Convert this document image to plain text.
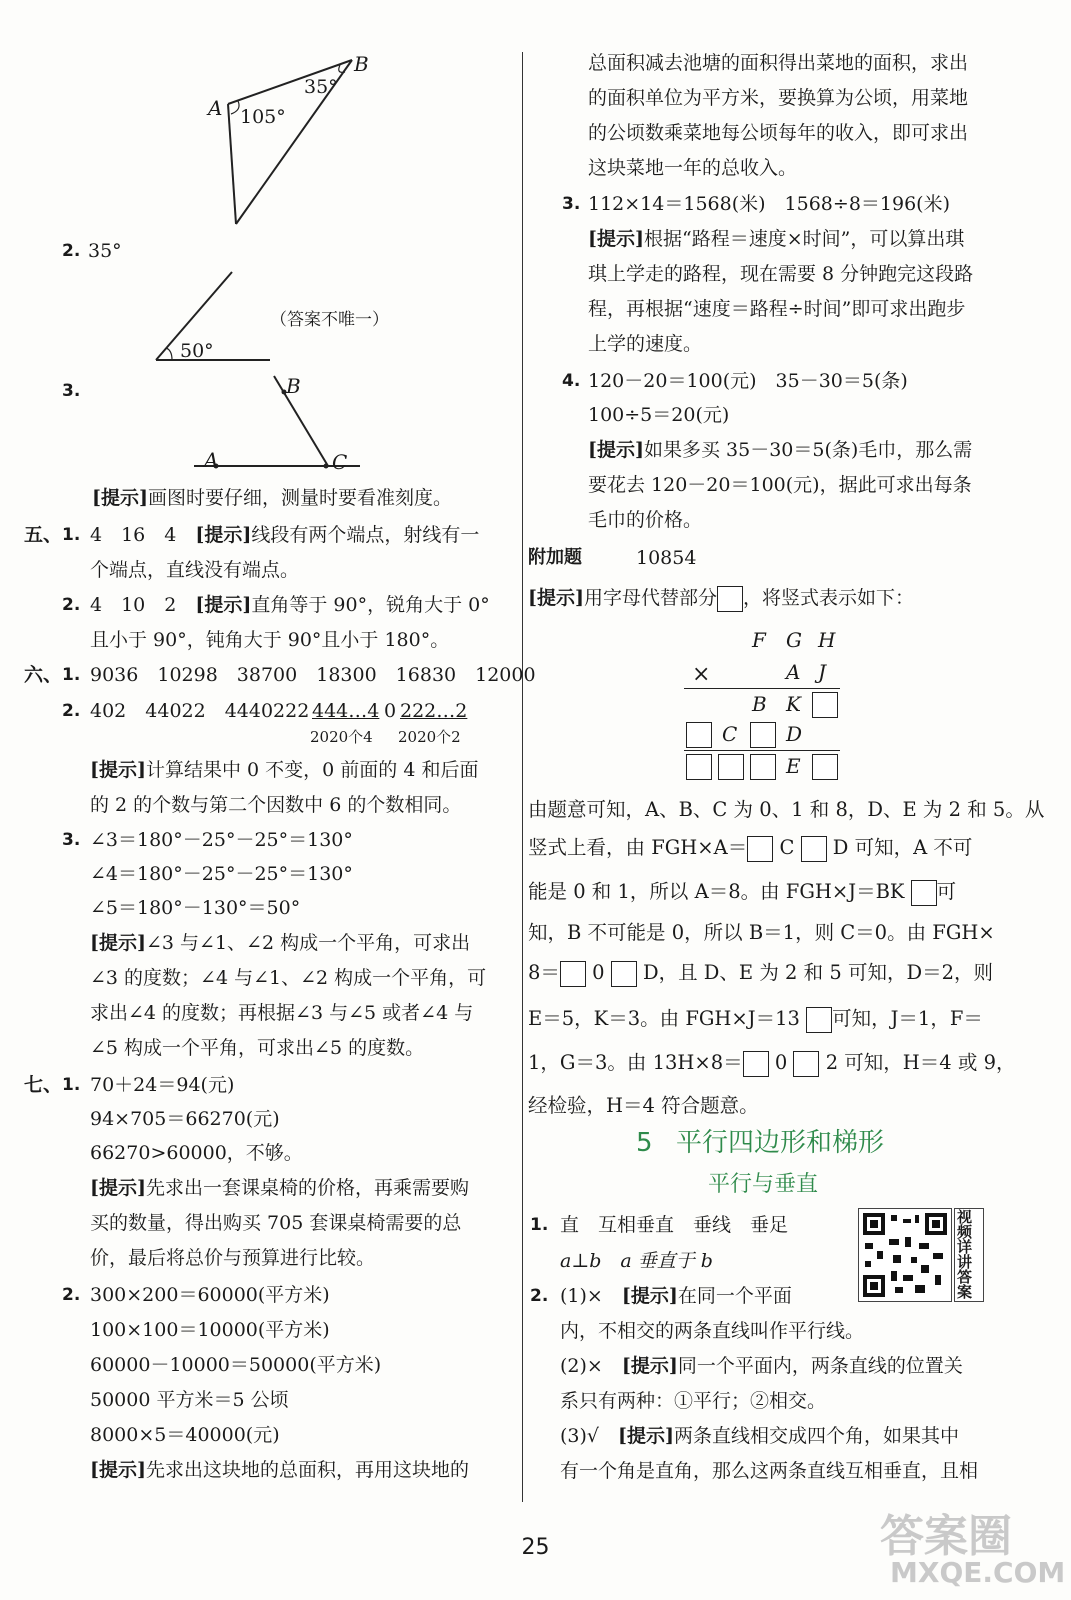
A
B
105°
35°
2. 35°
50°
（答案不唯一）
3.	B
A	C
[提示]画图时要仔细，测量时要看准刻度。
五、 1. 4　16　4　 [提示]线段有两个端点，射线有一
个端点，直线没有端点。
2. 4　10　2　 [提示]直角等于 90°，锐角大于 0°
且小于 90°，钝角大于 90°且小于 180°。
六、 1. 9036　10298　38700　18300　16830　12000
2. 402　44022　4440222 444…4 0 222…2
2020个4 2020个2
[提示]计算结果中 0 不变，0 前面的 4 和后面
的 2 的个数与第二个因数中 6 的个数相同。
3. ∠3＝180°－25°－25°＝130°
∠4＝180°－25°－25°＝130°
∠5＝180°－130°＝50°
[提示]∠3 与∠1、∠2 构成一个平角，可求出
∠3 的度数；∠4 与∠1、∠2 构成一个平角，可
求出∠4 的度数；再根据∠3 与∠5 或者∠4 与
∠5 构成一个平角，可求出∠5 的度数。
七、 1. 70＋24＝94(元)
94×705＝66270(元)
66270>60000，不够。
[提示]先求出一套课桌椅的价格，再乘需要购
买的数量，得出购买 705 套课桌椅需要的总
价，最后将总价与预算进行比较。
2. 300×200＝60000(平方米)
100×100＝10000(平方米)
60000－10000＝50000(平方米)
50000 平方米＝5 公顷
8000×5＝40000(元)
[提示]先求出这块地的总面积，再用这块地的
总面积减去池塘的面积得出菜地的面积，求出
的面积单位为平方米，要换算为公顷，用菜地
的公顷数乘菜地每公顷每年的收入，即可求出
这块菜地一年的总收入。
3. 112×14＝1568(米)　1568÷8＝196(米)
[提示]根据“路程＝速度×时间”，可以算出琪
琪上学走的路程，现在需要 8 分钟跑完这段路
程，再根据“速度＝路程÷时间”即可求出跑步
上学的速度。
4. 120－20＝100(元)　35－30＝5(条)
100÷5＝20(元)
[提示]如果多买 35－30＝5(条)毛巾，那么需
要花去 120－20＝100(元)，据此可求出每条
毛巾的价格。
附加题	10854
[提示]用字母代替部分 ，将竖式表示如下：
F G H
×	A J
B K
C D
E
由题意可知，A、B、C 为 0、1 和 8，D、E 为 2 和 5。从
竖式上看，由 FGH×A＝ C D 可知，A 不可
能是 0 和 1，所以 A＝8。由 FGH×J＝BK 可
知，B 不可能是 0，所以 B＝1，则 C＝0。由 FGH×
8＝ 0 D，且 D、E 为 2 和 5 可知，D＝2，则
E＝5，K＝3。由 FGH×J＝13 可知，J＝1，F＝
1，G＝3。由 13H×8＝ 0 2 可知，H＝4 或 9，
经检验，H＝4 符合题意。
5 平行四边形和梯形
平行与垂直
视频详讲答案
1. 直　互相垂直　垂线　垂足
a⊥b　a 垂直于 b
2. (1)×　 [提示]在同一个平面
内，不相交的两条直线叫作平行线。
(2)×　 [提示]同一个平面内，两条直线的位置关
系只有两种：①平行；②相交。
(3)√　 [提示]两条直线相交成四个角，如果其中
有一个角是直角，那么这两条直线互相垂直，且相
25	答案圈
MXQE.COM
